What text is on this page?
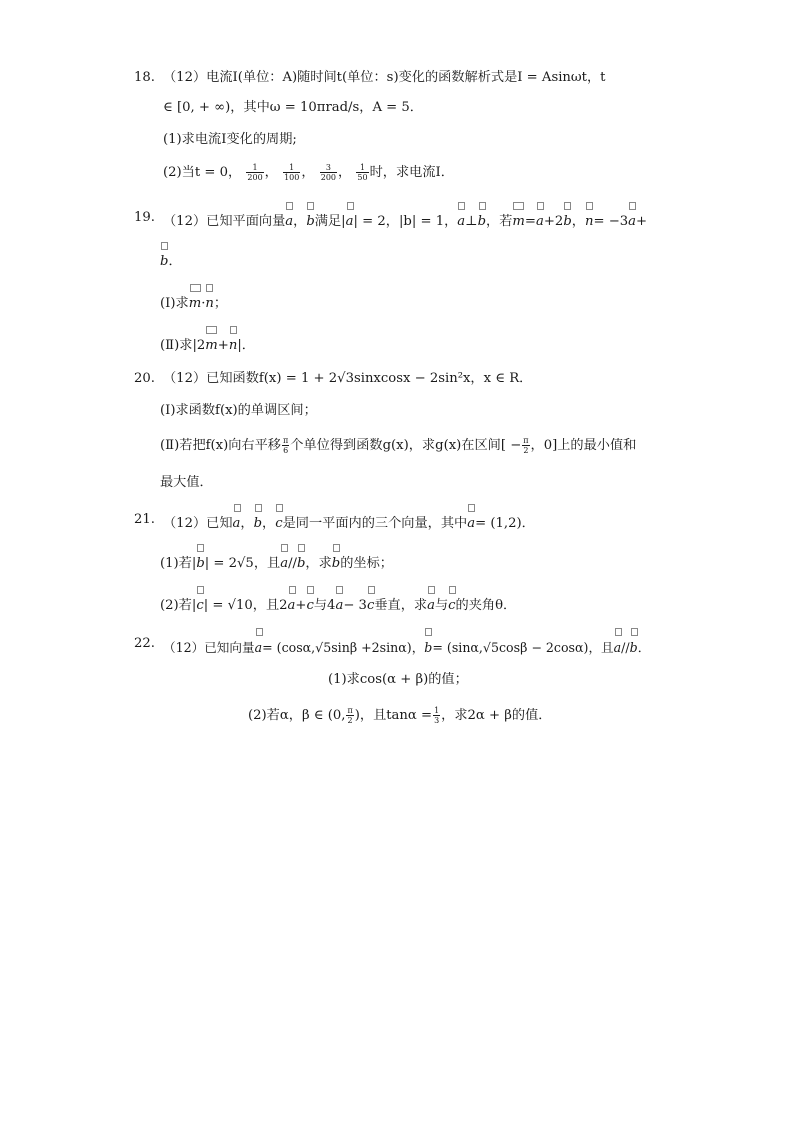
18. （12）电流I(单位：A)随时间t(单位：s)变化的函数解析式是I = Asinωt，t
∈ [0, + ∞)，其中ω = 10πrad/s，A = 5．
(1)求电流I变化的周期;
(2)当t = 0， $\frac{1}{200}$ ， $\frac{1}{100}$ ， $\frac{3}{200}$ ， $\frac{1}{50}$ 时，求电流I．
19. （12）已知平面向量
a，
b满足|
a| = 2，|b| = 1，
a⊥
b，若
m=
a+2
b，
n= −3
a+
b．
(Ⅰ)求
m·
n；
(Ⅱ)求|2
m+
n|．
20. （12）已知函数f(x) = 1 + 2√3sinxcosx − 2sin²x，x ∈ R．
(Ⅰ)求函数f(x)的单调区间；
(Ⅱ)若把f(x)向右平移 $\frac{\pi}{6}$ 个单位得到函数g(x)，求g(x)在区间[ − $\frac{\pi}{2}$ ，0]上的最小值和
最大值．
21. （12）已知
a，
b，
c是同一平面内的三个向量，其中
a= (1,2)．
(1)若|
b| = 2√5，且
a//
b，求
b的坐标；
(2)若|
c| = √10，且2
a+
c与4
a− 3
c垂直，求
a与
c的夹角θ．
22. （12）已知向量
a= (cosα,√5sinβ +2sinα)，
b= (sinα,√5cosβ − 2cosα)，且
a//
b．
(1)求cos(α + β)的值；
(2)若α，β ∈ (0, $\frac{\pi}{2}$ )，且$\tan\alpha = \frac{1}{3}$ ，求2α + β的值．
